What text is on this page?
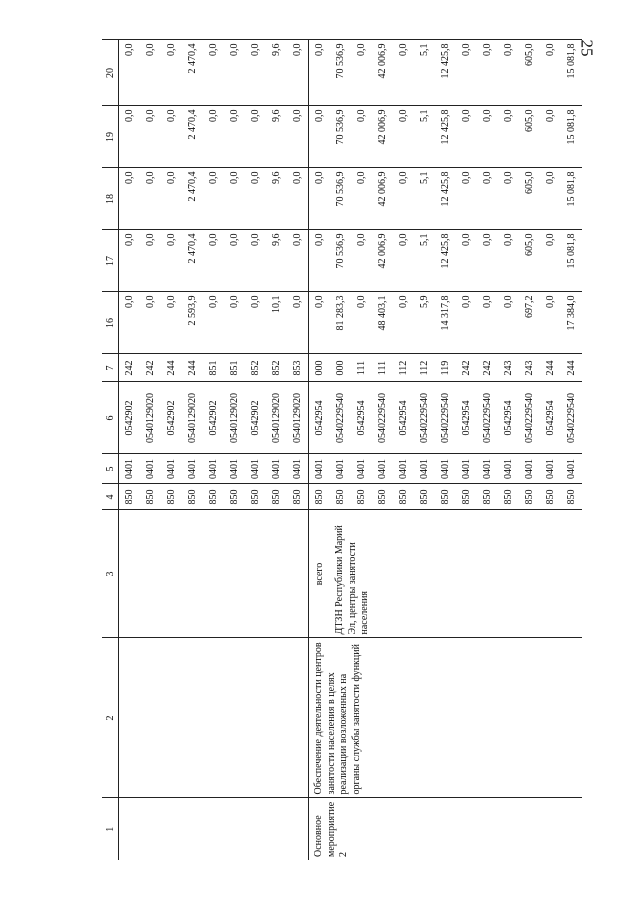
25
1	2	3	4	5	6	7	16	17	18	19	20
			850	0401	0542902	242	0,0	0,0	0,0	0,0	0,0
			850	0401	0540129020	242	0,0	0,0	0,0	0,0	0,0
			850	0401	0542902	244	0,0	0,0	0,0	0,0	0,0
			850	0401	0540129020	244	2 593,9	2 470,4	2 470,4	2 470,4	2 470,4
			850	0401	0542902	851	0,0	0,0	0,0	0,0	0,0
			850	0401	0540129020	851	0,0	0,0	0,0	0,0	0,0
			850	0401	0542902	852	0,0	0,0	0,0	0,0	0,0
			850	0401	0540129020	852	10,1	9,6	9,6	9,6	9,6
			850	0401	0540129020	853	0,0	0,0	0,0	0,0	0,0
Основное мероприятие 2	Обеспечение деятельности центров занятости населения в целях реализации возложенных на органы службы занятости функций	всего	850	0401	0542954	000	0,0	0,0	0,0	0,0	0,0
		ДТЗН Республики Марий Эл, центры занятости населения	850	0401	0540229540	000	81 283,3	70 536,9	70 536,9	70 536,9	70 536,9
			850	0401	0542954	111	0,0	0,0	0,0	0,0	0,0
			850	0401	0540229540	111	48 403,1	42 006,9	42 006,9	42 006,9	42 006,9
			850	0401	0542954	112	0,0	0,0	0,0	0,0	0,0
			850	0401	0540229540	112	5,9	5,1	5,1	5,1	5,1
			850	0401	0540229540	119	14 317,8	12 425,8	12 425,8	12 425,8	12 425,8
			850	0401	0542954	242	0,0	0,0	0,0	0,0	0,0
			850	0401	0540229540	242	0,0	0,0	0,0	0,0	0,0
			850	0401	0542954	243	0,0	0,0	0,0	0,0	0,0
			850	0401	0540229540	243	697,2	605,0	605,0	605,0	605,0
			850	0401	0542954	244	0,0	0,0	0,0	0,0	0,0
			850	0401	0540229540	244	17 384,0	15 081,8	15 081,8	15 081,8	15 081,8
